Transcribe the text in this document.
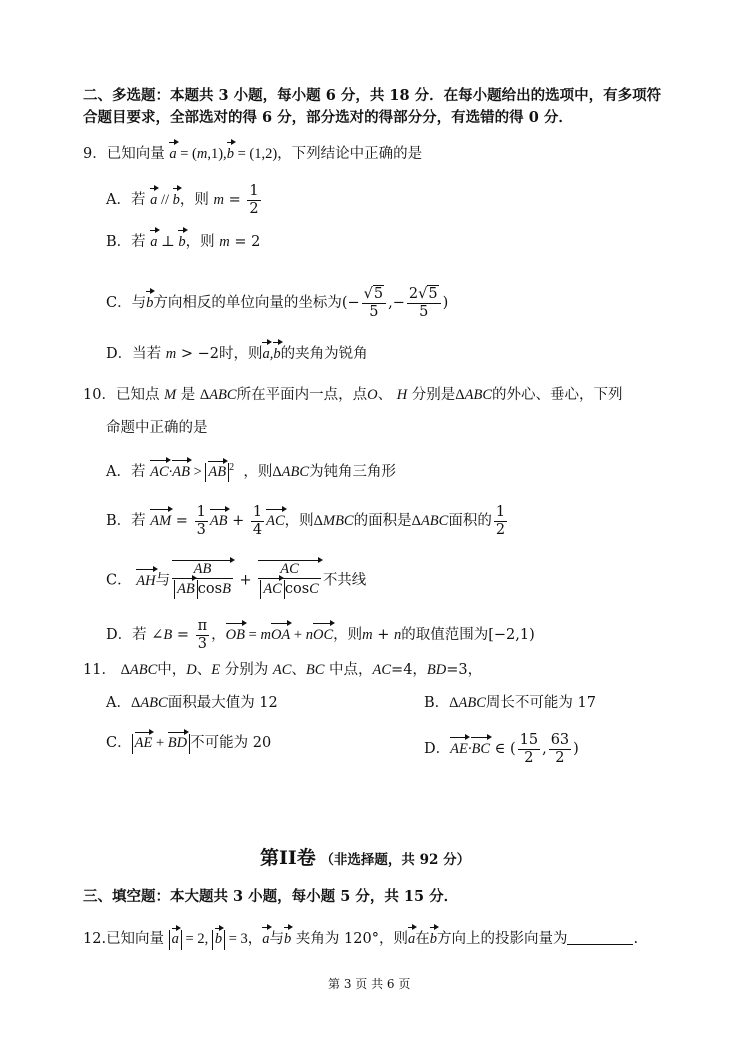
二、多选题：本题共 3 小题，每小题 6 分，共 18 分．在每小题给出的选项中，有多项符
合题目要求，全部选对的得 6 分，部分选对的得部分分，有选错的得 0 分．
9．已知向量 a = (m,1),b = (1,2)，下列结论中正确的是
A．若 a // b，则 $m = \frac{1}{2}$
B．若 a ⊥ b，则 m = 2
C．与b方向相反的单位向量的坐标为(− $\frac{√5}{5}$ ,− $\frac{2√5}{5}$ )
D．当若 m > −2时，则a,b的夹角为锐角
10．已知点 M 是 ΔABC所在平面内一点，点O、 H 分别是ΔABC的外心、垂心，下列
命题中正确的是
A．若 AC·AB > AB $^2$ ，则ΔABC为钝角三角形
B．若 AM = $\frac{1}{3}$ AB + $\frac{1}{4}$ AC，则ΔMBC的面积是ΔABC面积的 $\frac{1}{2}$
C． AH与 $\frac{AB}{\text{AB cosB}} + \frac{AC}{\text{AC cosC}}$ 不共线
D．若 ∠B = $\frac{\pi}{3}$ ，OB = mOA + nOC，则m + n的取值范围为[−2,1)
11． ΔABC中，D、E 分别为 AC、BC 中点，AC=4，BD=3，
A．ΔABC面积最大值为 12	B．ΔABC周长不可能为 17
C． AE + BD 不可能为 20	D．AE·BC ∈ ( $\frac{15}{2}$ , $\frac{63}{2}$ )
第II卷 （非选择题，共 92 分）
三、填空题：本大题共 3 小题，每小题 5 分，共 15 分．
12.已知向量 a = 2, b = 3，a与b 夹角为 120°，则a在b方向上的投影向量为	.
第 3 页 共 6 页
